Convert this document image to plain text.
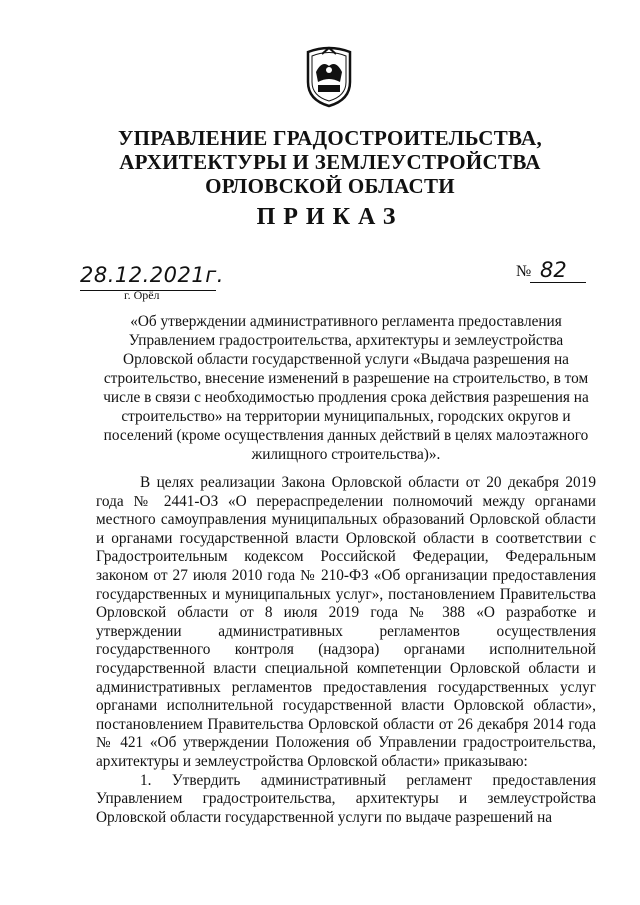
УПРАВЛЕНИЕ ГРАДОСТРОИТЕЛЬСТВА,
АРХИТЕКТУРЫ И ЗЕМЛЕУСТРОЙСТВА
ОРЛОВСКОЙ ОБЛАСТИ
ПРИКАЗ
28.12.2021г.
г. Орёл
№ 82
«Об утверждении административного регламента предоставления Управлением градостроительства, архитектуры и землеустройства Орловской области государственной услуги «Выдача разрешения на строительство, внесение изменений в разрешение на строительство, в том числе в связи с необходимостью продления срока действия разрешения на строительство» на территории муниципальных, городских округов и поселений (кроме осуществления данных действий в целях малоэтажного жилищного строительства)».

В целях реализации Закона Орловской области от 20 декабря 2019 года № 2441-ОЗ «О перераспределении полномочий между органами местного самоуправления муниципальных образований Орловской области и органами государственной власти Орловской области в соответствии с Градостроительным кодексом Российской Федерации, Федеральным законом от 27 июля 2010 года № 210-ФЗ «Об организации предоставления государственных и муниципальных услуг», постановлением Правительства Орловской области от 8 июля 2019 года № 388 «О разработке и утверждении административных регламентов осуществления государственного контроля (надзора) органами исполнительной государственной власти специальной компетенции Орловской области и административных регламентов предоставления государственных услуг органами исполнительной государственной власти Орловской области», постановлением Правительства Орловской области от 26 декабря 2014 года № 421 «Об утверждении Положения об Управлении градостроительства, архитектуры и землеустройства Орловской области» приказываю:

1. Утвердить административный регламент предоставления Управлением градостроительства, архитектуры и землеустройства Орловской области государственной услуги по выдаче разрешений на
